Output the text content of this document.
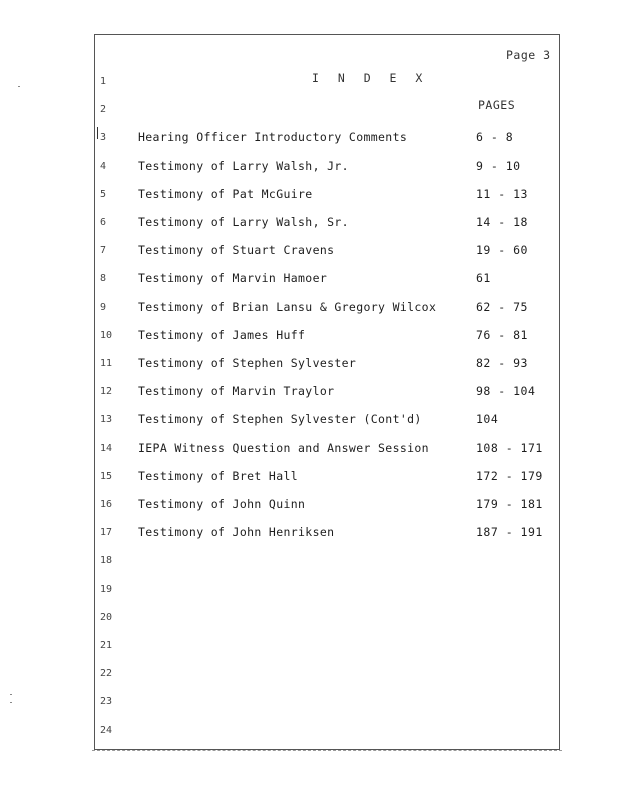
Page 3
I N D E X
PAGES
1
2
3
4
5
6
7
8
9
10
11
12
13
14
15
16
17
18
19
20
21
22
23
24
Hearing Officer Introductory Comments	6 - 8
Testimony of Larry Walsh, Jr.	9 - 10
Testimony of Pat McGuire	11 - 13
Testimony of Larry Walsh, Sr.	14 - 18
Testimony of Stuart Cravens	19 - 60
Testimony of Marvin Hamoer	61
Testimony of Brian Lansu & Gregory Wilcox	62 - 75
Testimony of James Huff	76 - 81
Testimony of Stephen Sylvester	82 - 93
Testimony of Marvin Traylor	98 - 104
Testimony of Stephen Sylvester (Cont'd)	104
IEPA Witness Question and Answer Session	108 - 171
Testimony of Bret Hall	172 - 179
Testimony of John Quinn	179 - 181
Testimony of John Henriksen	187 - 191
